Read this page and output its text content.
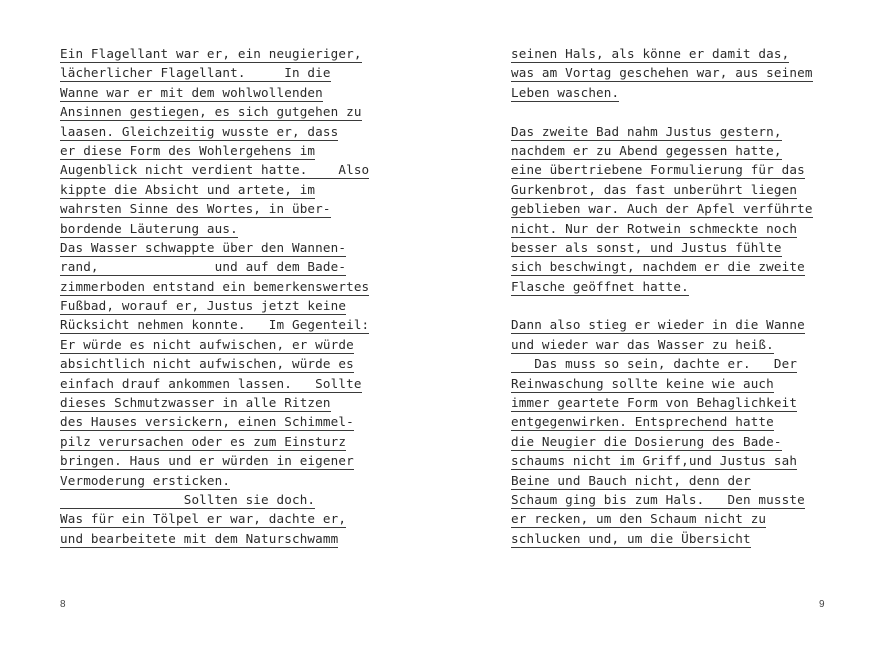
Ein Flagellant war er, ein neugieriger,
lächerlicher Flagellant.     In die
Wanne war er mit dem wohlwollenden
Ansinnen gestiegen, es sich gutgehen zu
laasen. Gleichzeitig wusste er, dass
er diese Form des Wohlergehens im
Augenblick nicht verdient hatte.    Also
kippte die Absicht und artete, im
wahrsten Sinne des Wortes, in über-
bordende Läuterung aus.
Das Wasser schwappte über den Wannen-
rand,               und auf dem Bade-
zimmerboden entstand ein bemerkenswertes
Fußbad, worauf er, Justus jetzt keine
Rücksicht nehmen konnte.   Im Gegenteil:
Er würde es nicht aufwischen, er würde
absichtlich nicht aufwischen, würde es
einfach drauf ankommen lassen.   Sollte
dieses Schmutzwasser in alle Ritzen
des Hauses versickern, einen Schimmel-
pilz verursachen oder es zum Einsturz
bringen. Haus und er würden in eigener
Vermoderung ersticken.
Sollten sie doch.
Was für ein Tölpel er war, dachte er,
und bearbeitete mit dem Naturschwamm
8
seinen Hals, als könne er damit das,
was am Vortag geschehen war, aus seinem
Leben waschen.
Das zweite Bad nahm Justus gestern,
nachdem er zu Abend gegessen hatte,
eine übertriebene Formulierung für das
Gurkenbrot, das fast unberührt liegen
geblieben war. Auch der Apfel verführte
nicht. Nur der Rotwein schmeckte noch
besser als sonst, und Justus fühlte
sich beschwingt, nachdem er die zweite
Flasche geöffnet hatte.
Dann also stieg er wieder in die Wanne
und wieder war das Wasser zu heiß.
Das muss so sein, dachte er.   Der
Reinwaschung sollte keine wie auch
immer geartete Form von Behaglichkeit
entgegenwirken. Entsprechend hatte
die Neugier die Dosierung des Bade-
schaums nicht im Griff,und Justus sah
Beine und Bauch nicht, denn der
Schaum ging bis zum Hals.   Den musste
er recken, um den Schaum nicht zu
schlucken und, um die Übersicht
9
